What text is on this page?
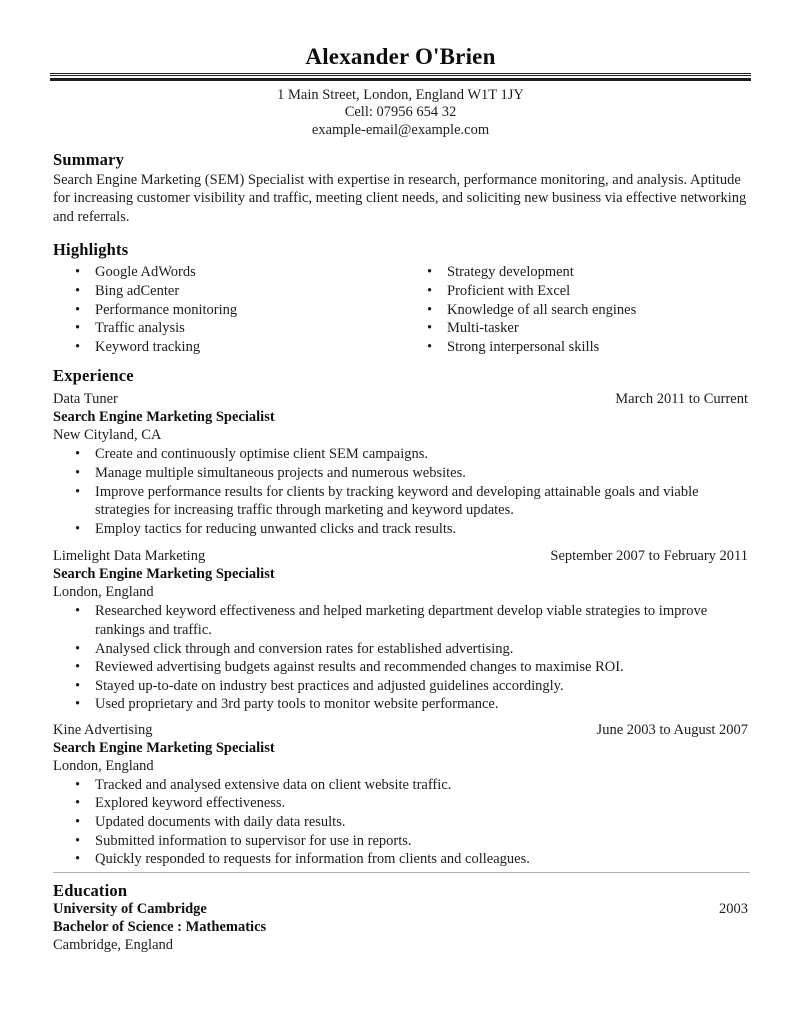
Alexander O'Brien
1 Main Street, London, England W1T 1JY
Cell: 07956 654 32
example-email@example.com
Summary
Search Engine Marketing (SEM) Specialist with expertise in research, performance monitoring, and analysis. Aptitude for increasing customer visibility and traffic, meeting client needs, and soliciting new business via effective networking and referrals.
Highlights
• Google AdWords
• Bing adCenter
• Performance monitoring
• Traffic analysis
• Keyword tracking
• Strategy development
• Proficient with Excel
• Knowledge of all search engines
• Multi-tasker
• Strong interpersonal skills
Experience
Data Tuner	March 2011 to Current
Search Engine Marketing Specialist
New Cityland, CA
• Create and continuously optimise client SEM campaigns.
• Manage multiple simultaneous projects and numerous websites.
• Improve performance results for clients by tracking keyword and developing attainable goals and viable strategies for increasing traffic through marketing and keyword updates.
• Employ tactics for reducing unwanted clicks and track results.
Limelight Data Marketing	September 2007 to February 2011
Search Engine Marketing Specialist
London, England
• Researched keyword effectiveness and helped marketing department develop viable strategies to improve rankings and traffic.
• Analysed click through and conversion rates for established advertising.
• Reviewed advertising budgets against results and recommended changes to maximise ROI.
• Stayed up-to-date on industry best practices and adjusted guidelines accordingly.
• Used proprietary and 3rd party tools to monitor website performance.
Kine Advertising	June 2003 to August 2007
Search Engine Marketing Specialist
London, England
• Tracked and analysed extensive data on client website traffic.
• Explored keyword effectiveness.
• Updated documents with daily data results.
• Submitted information to supervisor for use in reports.
• Quickly responded to requests for information from clients and colleagues.
Education
University of Cambridge	2003
Bachelor of Science : Mathematics
Cambridge, England
